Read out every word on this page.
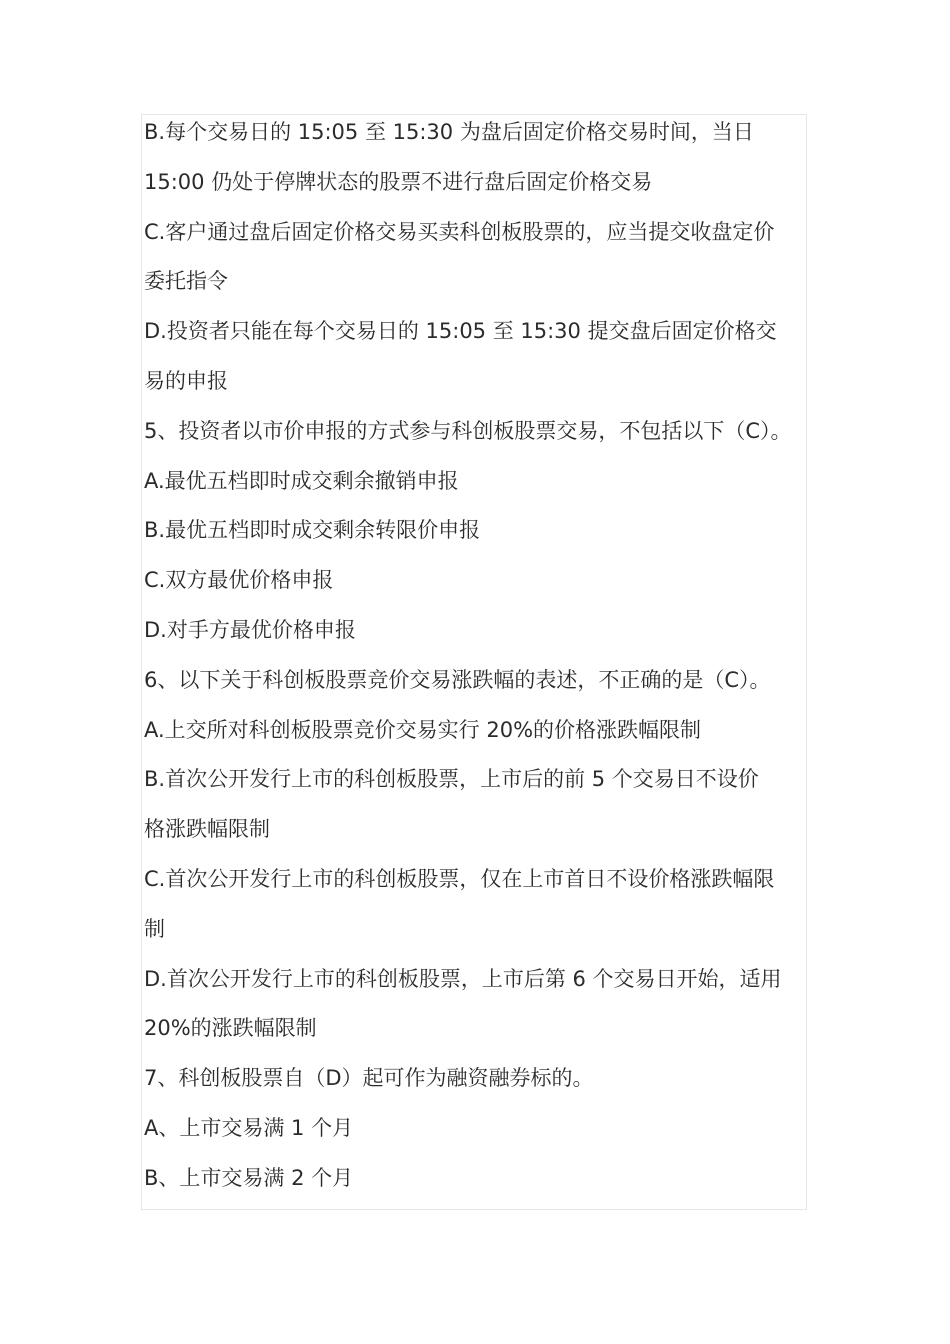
B.每个交易日的 15:05 至 15:30 为盘后固定价格交易时间，当日
15:00 仍处于停牌状态的股票不进行盘后固定价格交易
C.客户通过盘后固定价格交易买卖科创板股票的，应当提交收盘定价
委托指令
D.投资者只能在每个交易日的 15:05 至 15:30 提交盘后固定价格交
易的申报
5、投资者以市价申报的方式参与科创板股票交易，不包括以下（C）。
A.最优五档即时成交剩余撤销申报
B.最优五档即时成交剩余转限价申报
C.双方最优价格申报
D.对手方最优价格申报
6、以下关于科创板股票竞价交易涨跌幅的表述，不正确的是（C）。
A.上交所对科创板股票竞价交易实行 20%的价格涨跌幅限制
B.首次公开发行上市的科创板股票，上市后的前 5 个交易日不设价
格涨跌幅限制
C.首次公开发行上市的科创板股票，仅在上市首日不设价格涨跌幅限
制
D.首次公开发行上市的科创板股票，上市后第 6 个交易日开始，适用
20%的涨跌幅限制
7、科创板股票自（D）起可作为融资融券标的。
A、上市交易满 1 个月
B、上市交易满 2 个月
